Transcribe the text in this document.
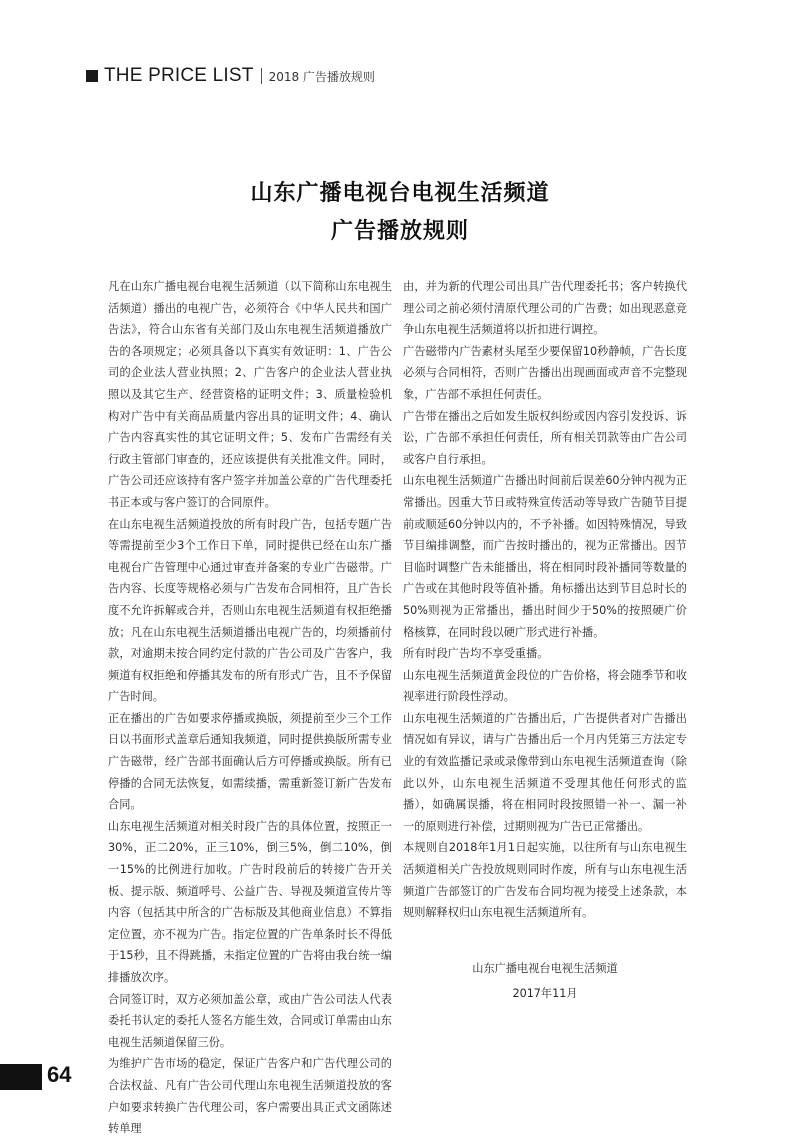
THE PRICE LIST 2018 广告播放规则
山东广播电视台电视生活频道
广告播放规则

凡在山东广播电视台电视生活频道（以下简称山东电视生活频道）播出的电视广告，必须符合《中华人民共和国广告法》，符合山东省有关部门及山东电视生活频道播放广告的各项规定；必须具备以下真实有效证明：1、广告公司的企业法人营业执照；2、广告客户的企业法人营业执照以及其它生产、经营资格的证明文件；3、质量检验机构对广告中有关商品质量内容出具的证明文件；4、确认广告内容真实性的其它证明文件；5、发布广告需经有关行政主管部门审查的，还应该提供有关批准文件。同时，广告公司还应该持有客户签字并加盖公章的广告代理委托书正本或与客户签订的合同原件。

在山东电视生活频道投放的所有时段广告，包括专题广告等需提前至少3个工作日下单，同时提供已经在山东广播电视台广告管理中心通过审查并备案的专业广告磁带。广告内容、长度等规格必须与广告发布合同相符，且广告长度不允许拆解或合并，否则山东电视生活频道有权拒绝播放；凡在山东电视生活频道播出电视广告的，均须播前付款，对逾期未按合同约定付款的广告公司及广告客户，我频道有权拒绝和停播其发布的所有形式广告，且不予保留广告时间。

正在播出的广告如要求停播或换版，须提前至少三个工作日以书面形式盖章后通知我频道，同时提供换版所需专业广告磁带，经广告部书面确认后方可停播或换版。所有已停播的合同无法恢复，如需续播，需重新签订新广告发布合同。

山东电视生活频道对相关时段广告的具体位置，按照正一30%，正二20%，正三10%，倒三5%，倒二10%，倒一15%的比例进行加收。广告时段前后的转接广告开关板、提示版、频道呼号、公益广告、导视及频道宣传片等内容（包括其中所含的广告标版及其他商业信息）不算指定位置，亦不视为广告。指定位置的广告单条时长不得低于15秒，且不得跳播，未指定位置的广告将由我台统一编排播放次序。

合同签订时，双方必须加盖公章，或由广告公司法人代表委托书认定的委托人签名方能生效，合同或订单需由山东电视生活频道保留三份。

为维护广告市场的稳定，保证广告客户和广告代理公司的合法权益、凡有广告公司代理山东电视生活频道投放的客户如要求转换广告代理公司，客户需要出具正式文函陈述转单理

由，并为新的代理公司出具广告代理委托书；客户转换代理公司之前必须付清原代理公司的广告费；如出现恶意竞争山东电视生活频道将以折扣进行调控。

广告磁带内广告素材头尾至少要保留10秒静帧，广告长度必须与合同相符，否则广告播出出现画面或声音不完整现象，广告部不承担任何责任。

广告带在播出之后如发生版权纠纷或因内容引发投诉、诉讼，广告部不承担任何责任，所有相关罚款等由广告公司或客户自行承担。

山东电视生活频道广告播出时间前后误差60分钟内视为正常播出。因重大节日或特殊宣传活动等导致广告随节目提前或顺延60分钟以内的，不予补播。如因特殊情况，导致节目编排调整，而广告按时播出的，视为正常播出。因节目临时调整广告未能播出，将在相同时段补播同等数量的广告或在其他时段等值补播。角标播出达到节目总时长的50%则视为正常播出，播出时间少于50%的按照硬广价格核算，在同时段以硬广形式进行补播。

所有时段广告均不享受重播。

山东电视生活频道黄金段位的广告价格，将会随季节和收视率进行阶段性浮动。

山东电视生活频道的广告播出后，广告提供者对广告播出情况如有异议，请与广告播出后一个月内凭第三方法定专业的有效监播记录或录像带到山东电视生活频道查询（除此以外，山东电视生活频道不受理其他任何形式的监播），如确属误播，将在相同时段按照错一补一、漏一补一的原则进行补偿，过期则视为广告已正常播出。

本规则自2018年1月1日起实施，以往所有与山东电视生活频道相关广告投放规则同时作废，所有与山东电视生活频道广告部签订的广告发布合同均视为接受上述条款，本规则解释权归山东电视生活频道所有。

山东广播电视台电视生活频道
2017年11月
64
